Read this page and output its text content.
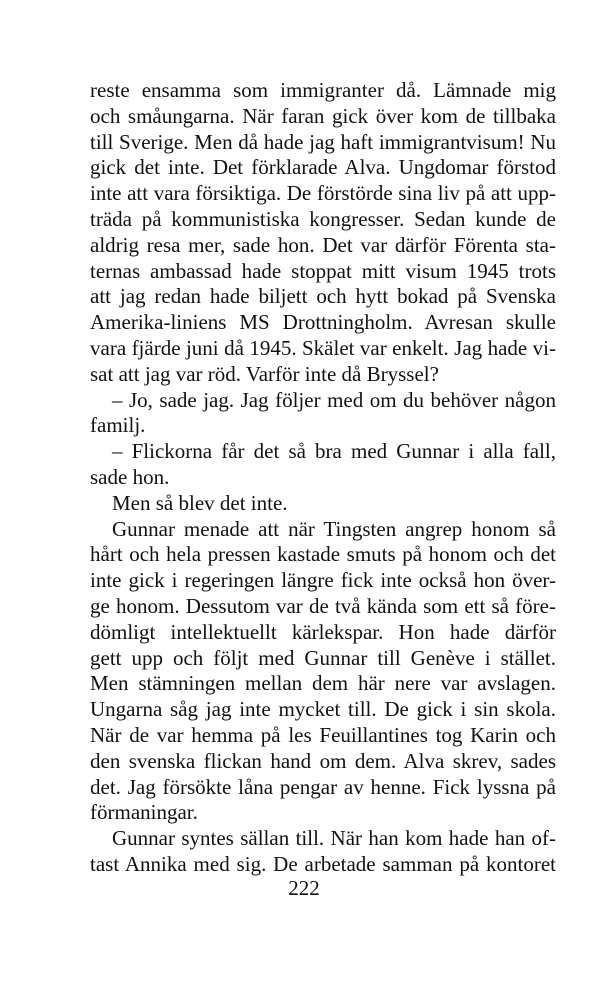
reste ensamma som immigranter då. Lämnade mig
och småungarna. När faran gick över kom de tillbaka
till Sverige. Men då hade jag haft immigrantvisum! Nu
gick det inte. Det förklarade Alva. Ungdomar förstod
inte att vara försiktiga. De förstörde sina liv på att upp-
träda på kommunistiska kongresser. Sedan kunde de
aldrig resa mer, sade hon. Det var därför Förenta sta-
ternas ambassad hade stoppat mitt visum 1945 trots
att jag redan hade biljett och hytt bokad på Svenska
Amerika-liniens MS Drottningholm. Avresan skulle
vara fjärde juni då 1945. Skälet var enkelt. Jag hade vi-
sat att jag var röd. Varför inte då Bryssel?
– Jo, sade jag. Jag följer med om du behöver någon
familj.
– Flickorna får det så bra med Gunnar i alla fall,
sade hon.
Men så blev det inte.
Gunnar menade att när Tingsten angrep honom så
hårt och hela pressen kastade smuts på honom och det
inte gick i regeringen längre fick inte också hon över-
ge honom. Dessutom var de två kända som ett så före-
dömligt intellektuellt kärlekspar. Hon hade därför
gett upp och följt med Gunnar till Genève i stället.
Men stämningen mellan dem här nere var avslagen.
Ungarna såg jag inte mycket till. De gick i sin skola.
När de var hemma på les Feuillantines tog Karin och
den svenska flickan hand om dem. Alva skrev, sades
det. Jag försökte låna pengar av henne. Fick lyssna på
förmaningar.
Gunnar syntes sällan till. När han kom hade han of-
tast Annika med sig. De arbetade samman på kontoret
222
